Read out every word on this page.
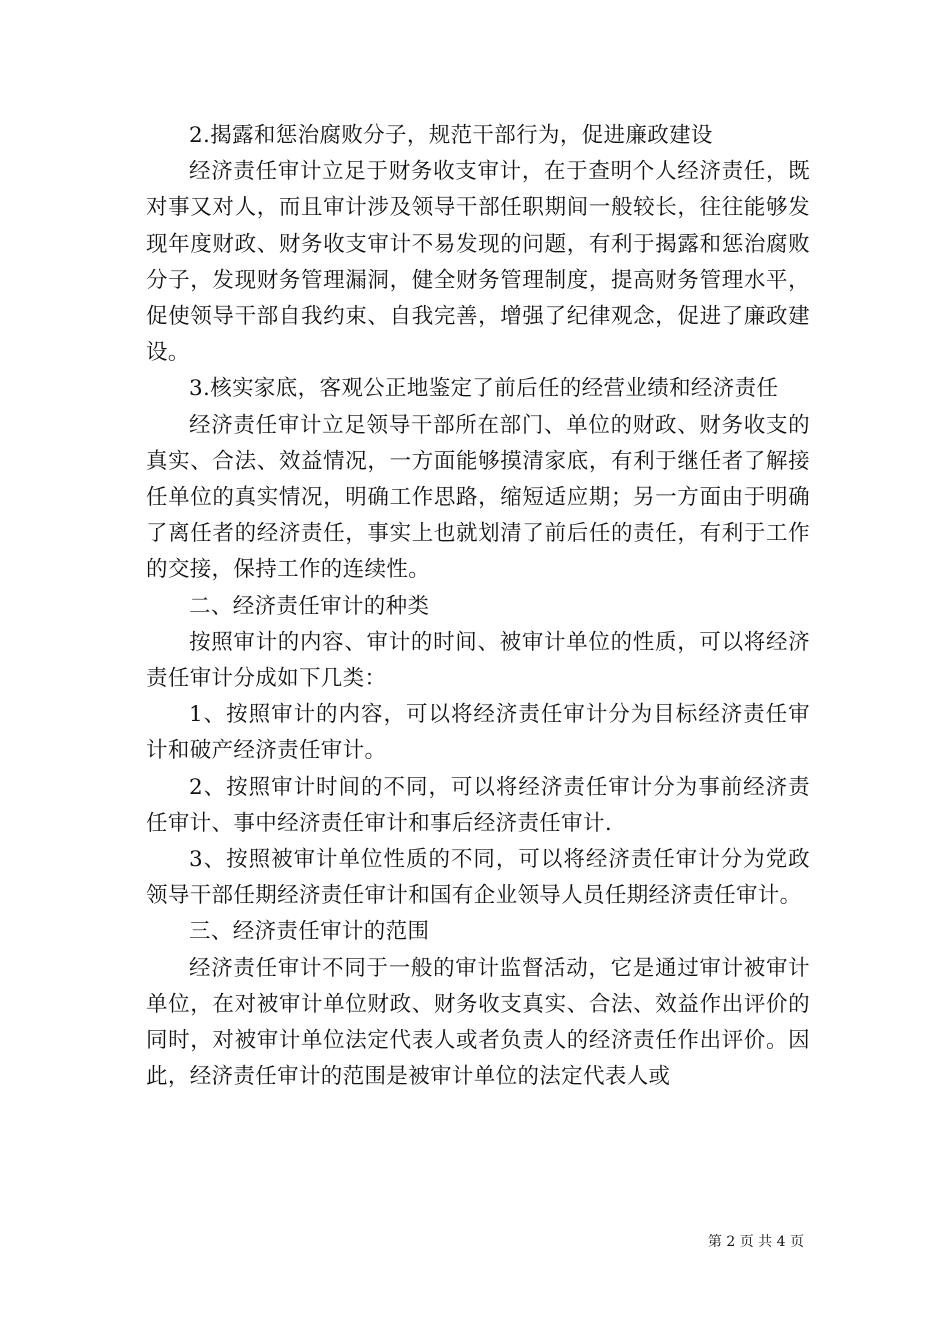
2.揭露和惩治腐败分子，规范干部行为，促进廉政建设

经济责任审计立足于财务收支审计，在于查明个人经济责任，既对事又对人，而且审计涉及领导干部任职期间一般较长，往往能够发现年度财政、财务收支审计不易发现的问题，有利于揭露和惩治腐败分子，发现财务管理漏洞，健全财务管理制度，提高财务管理水平，促使领导干部自我约束、自我完善，增强了纪律观念，促进了廉政建设。

3.核实家底，客观公正地鉴定了前后任的经营业绩和经济责任

经济责任审计立足领导干部所在部门、单位的财政、财务收支的真实、合法、效益情况，一方面能够摸清家底，有利于继任者了解接任单位的真实情况，明确工作思路，缩短适应期；另一方面由于明确了离任者的经济责任，事实上也就划清了前后任的责任，有利于工作的交接，保持工作的连续性。

二、经济责任审计的种类

按照审计的内容、审计的时间、被审计单位的性质，可以将经济责任审计分成如下几类：

1、按照审计的内容，可以将经济责任审计分为目标经济责任审计和破产经济责任审计。

2、按照审计时间的不同，可以将经济责任审计分为事前经济责任审计、事中经济责任审计和事后经济责任审计.

3、按照被审计单位性质的不同，可以将经济责任审计分为党政领导干部任期经济责任审计和国有企业领导人员任期经济责任审计。

三、经济责任审计的范围

经济责任审计不同于一般的审计监督活动，它是通过审计被审计单位，在对被审计单位财政、财务收支真实、合法、效益作出评价的同时，对被审计单位法定代表人或者负责人的经济责任作出评价。因此，经济责任审计的范围是被审计单位的法定代表人或

第 2 页 共 4 页
